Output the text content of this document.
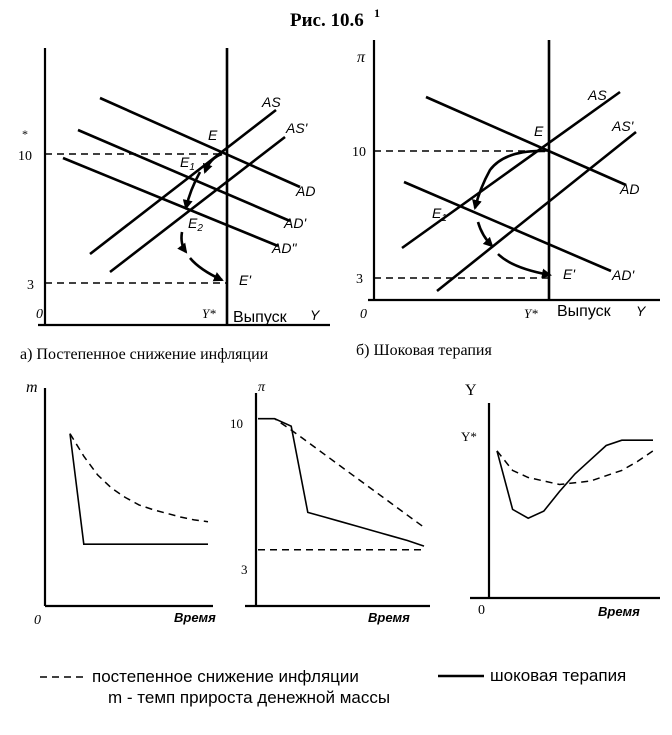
Рис. 10.6 1
*
10
3
0	Y* Выпуск Y
AS
AS'
AD
AD'
AD"
E
$E_1$
$E_2$
E'
а) Постепенное снижение инфляции
π
10
3
0	Y* Выпуск Y
AS
AS'
AD
AD'
E
$E_1$
E'
б) Шоковая терапия
m
0	Время
π
10
3
Время
Y
Y*
0	Время
постепенное снижение инфляции
m - темп прироста денежной массы
шоковая терапия
